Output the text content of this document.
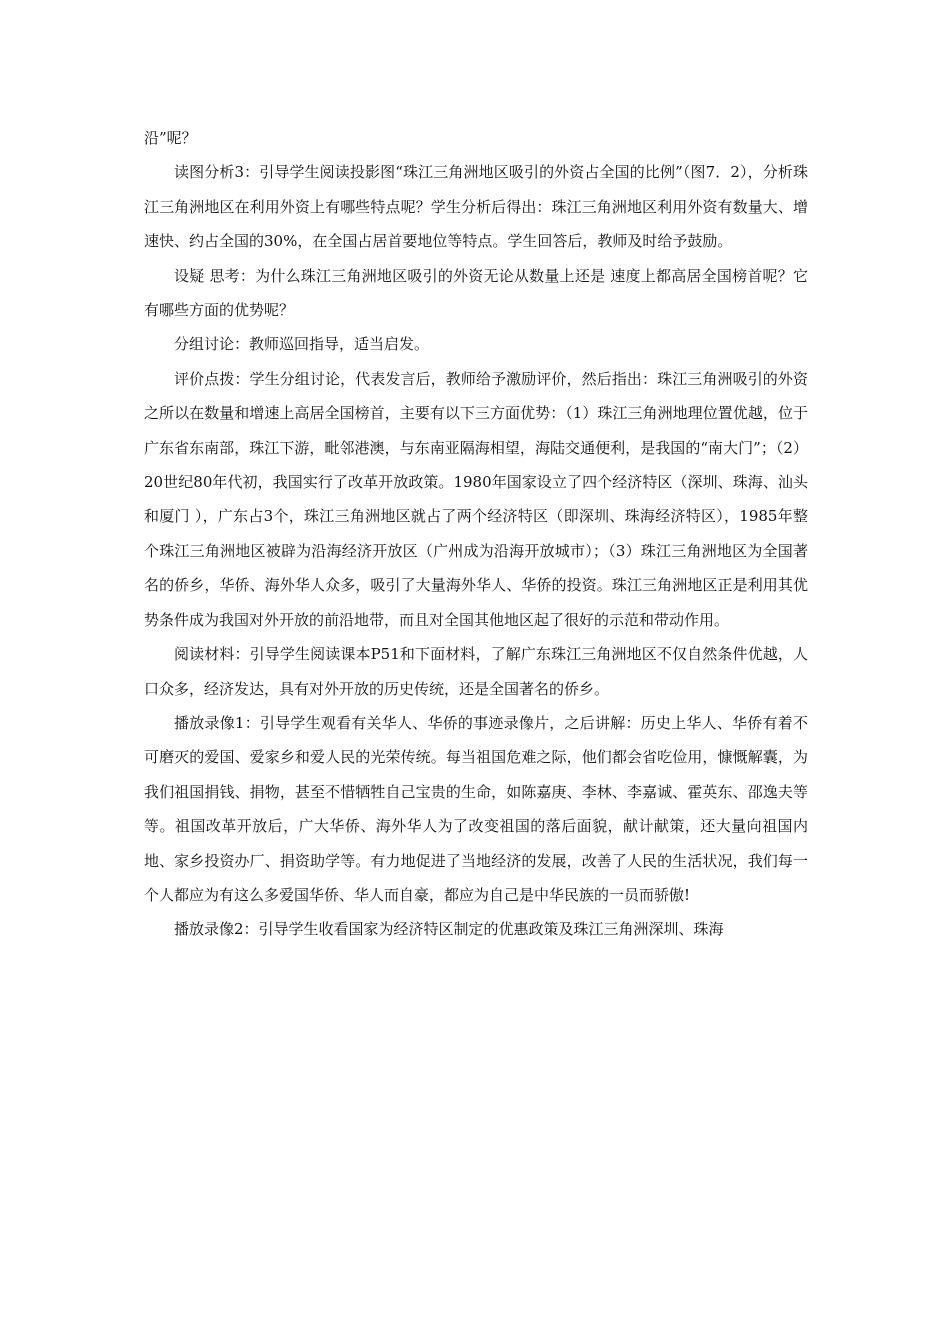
沿”呢？

读图分析3：引导学生阅读投影图“珠江三角洲地区吸引的外资占全国的比例”（图7．2），分析珠江三角洲地区在利用外资上有哪些特点呢？学生分析后得出：珠江三角洲地区利用外资有数量大、增速快、约占全国的30%，在全国占居首要地位等特点。学生回答后，教师及时给予鼓励。

设疑 思考：为什么珠江三角洲地区吸引的外资无论从数量上还是 速度上都高居全国榜首呢？它有哪些方面的优势呢？

分组讨论：教师巡回指导，适当启发。

评价点拨：学生分组讨论，代表发言后，教师给予激励评价，然后指出：珠江三角洲吸引的外资之所以在数量和增速上高居全国榜首，主要有以下三方面优势：（1）珠江三角洲地理位置优越，位于广东省东南部，珠江下游，毗邻港澳，与东南亚隔海相望，海陆交通便利，是我国的“南大门”；（2）20世纪80年代初，我国实行了改革开放政策。1980年国家设立了四个经济特区（深圳、珠海、汕头和厦门 ），广东占3个，珠江三角洲地区就占了两个经济特区（即深圳、珠海经济特区），1985年整个珠江三角洲地区被辟为沿海经济开放区（广州成为沿海开放城市）；（3）珠江三角洲地区为全国著名的侨乡，华侨、海外华人众多，吸引了大量海外华人、华侨的投资。珠江三角洲地区正是利用其优势条件成为我国对外开放的前沿地带，而且对全国其他地区起了很好的示范和带动作用。

阅读材料：引导学生阅读课本P51和下面材料，了解广东珠江三角洲地区不仅自然条件优越，人口众多，经济发达，具有对外开放的历史传统，还是全国著名的侨乡。

播放录像1：引导学生观看有关华人、华侨的事迹录像片，之后讲解：历史上华人、华侨有着不可磨灭的爱国、爱家乡和爱人民的光荣传统。每当祖国危难之际，他们都会省吃俭用，慷慨解囊，为我们祖国捐钱、捐物，甚至不惜牺牲自己宝贵的生命，如陈嘉庚、李林、李嘉诚、霍英东、邵逸夫等等。祖国改革开放后，广大华侨、海外华人为了改变祖国的落后面貌，献计献策，还大量向祖国内地、家乡投资办厂、捐资助学等。有力地促进了当地经济的发展，改善了人民的生活状况，我们每一个人都应为有这么多爱国华侨、华人而自豪，都应为自己是中华民族的一员而骄傲!

播放录像2：引导学生收看国家为经济特区制定的优惠政策及珠江三角洲深圳、珠海
